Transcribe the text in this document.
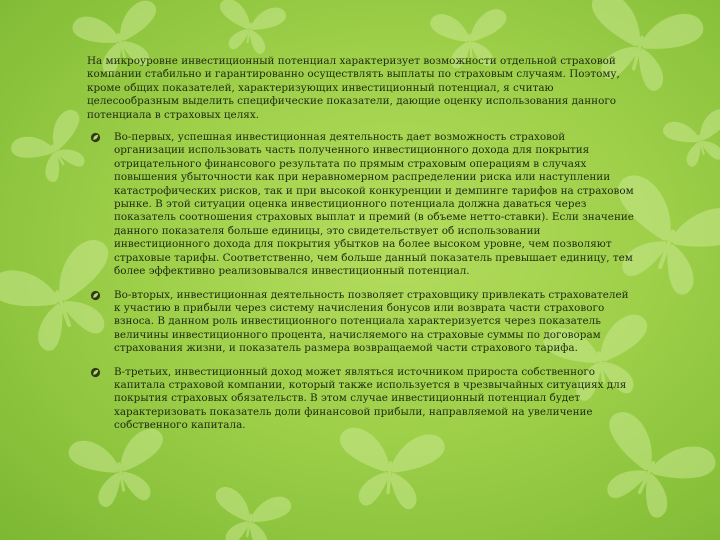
На микроуровне инвестиционный потенциал характеризует возможности отдельной страховой компании стабильно и гарантированно осуществлять выплаты по страховым случаям. Поэтому, кроме общих показателей, характеризующих инвестиционный потенциал, я считаю целесообразным выделить специфические показатели, дающие оценку использования данного потенциала в страховых целях.

Во-первых, успешная инвестиционная деятельность дает возможность страховой организации использовать часть полученного инвестиционного дохода для покрытия отрицательного финансового результата по прямым страховым операциям в случаях повышения убыточности как при неравномерном распределении риска или наступлении катастрофических рисков, так и при высокой конкуренции и демпинге тарифов на страховом рынке. В этой ситуации оценка инвестиционного потенциала должна даваться через показатель соотношения страховых выплат и премий (в объеме нетто-ставки). Если значение данного показателя больше единицы, это свидетельствует об использовании инвестиционного дохода для покрытия убытков на более высоком уровне, чем позволяют страховые тарифы. Соответственно, чем больше данный показатель превышает единицу, тем более эффективно реализовывался инвестиционный потенциал.
Во-вторых, инвестиционная деятельность позволяет страховщику привлекать страхователей к участию в прибыли через систему начисления бонусов или возврата части страхового взноса. В данном роль инвестиционного потенциала характеризуется через показатель величины инвестиционного процента, начисляемого на страховые суммы по договорам страхования жизни, и показатель размера возвращаемой части страхового тарифа.
В-третьих, инвестиционный доход может являться источником прироста собственного капитала страховой компании, который также используется в чрезвычайных ситуациях для покрытия страховых обязательств. В этом случае инвестиционный потенциал будет характеризовать показатель доли финансовой прибыли, направляемой на увеличение собственного капитала.
